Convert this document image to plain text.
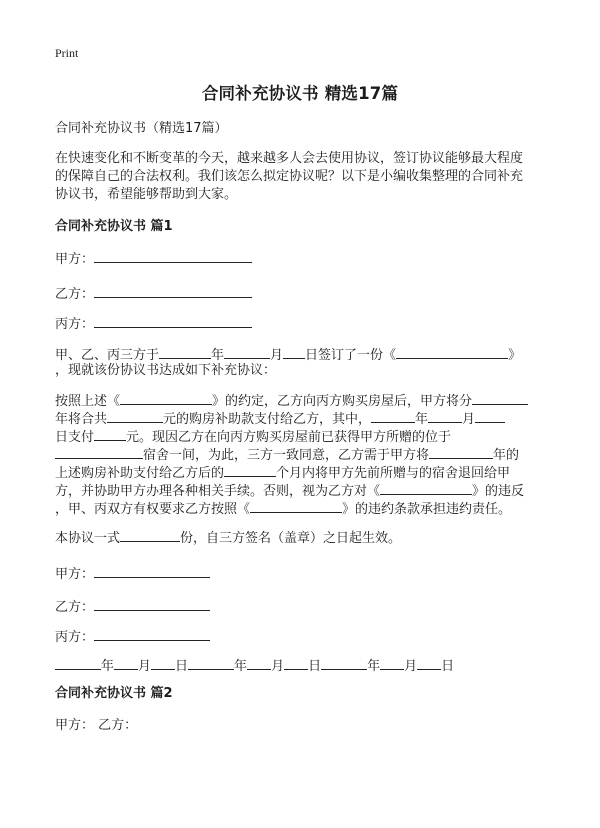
Print
合同补充协议书 精选17篇
合同补充协议书（精选17篇）
在快速变化和不断变革的今天，越来越多人会去使用协议，签订协议能够最大程度
的保障自己的合法权利。我们该怎么拟定协议呢？以下是小编收集整理的合同补充
协议书，希望能够帮助到大家。
合同补充协议书 篇1
甲方：
乙方：
丙方：
甲、乙、丙三方于	年	月 日签订了一份《	》
，现就该份协议书达成如下补充协议：
按照上述《	》的约定，乙方向丙方购买房屋后，甲方将分
年将合共	元的购房补助款支付给乙方，其中，	年	月
日支付 元。现因乙方在向丙方购买房屋前已获得甲方所赠的位于
宿舍一间，为此，三方一致同意，乙方需于甲方将	年的
上述购房补助支付给乙方后的	个月内将甲方先前所赠与的宿舍退回给甲
方，并协助甲方办理各种相关手续。否则，视为乙方对《	》的违反
，甲、丙双方有权要求乙方按照《	》的违约条款承担违约责任。
本协议一式	份，自三方签名（盖章）之日起生效。
甲方：
乙方：
丙方：
年 月 日	年 月 日	年 月 日
合同补充协议书 篇2
甲方： 乙方：
